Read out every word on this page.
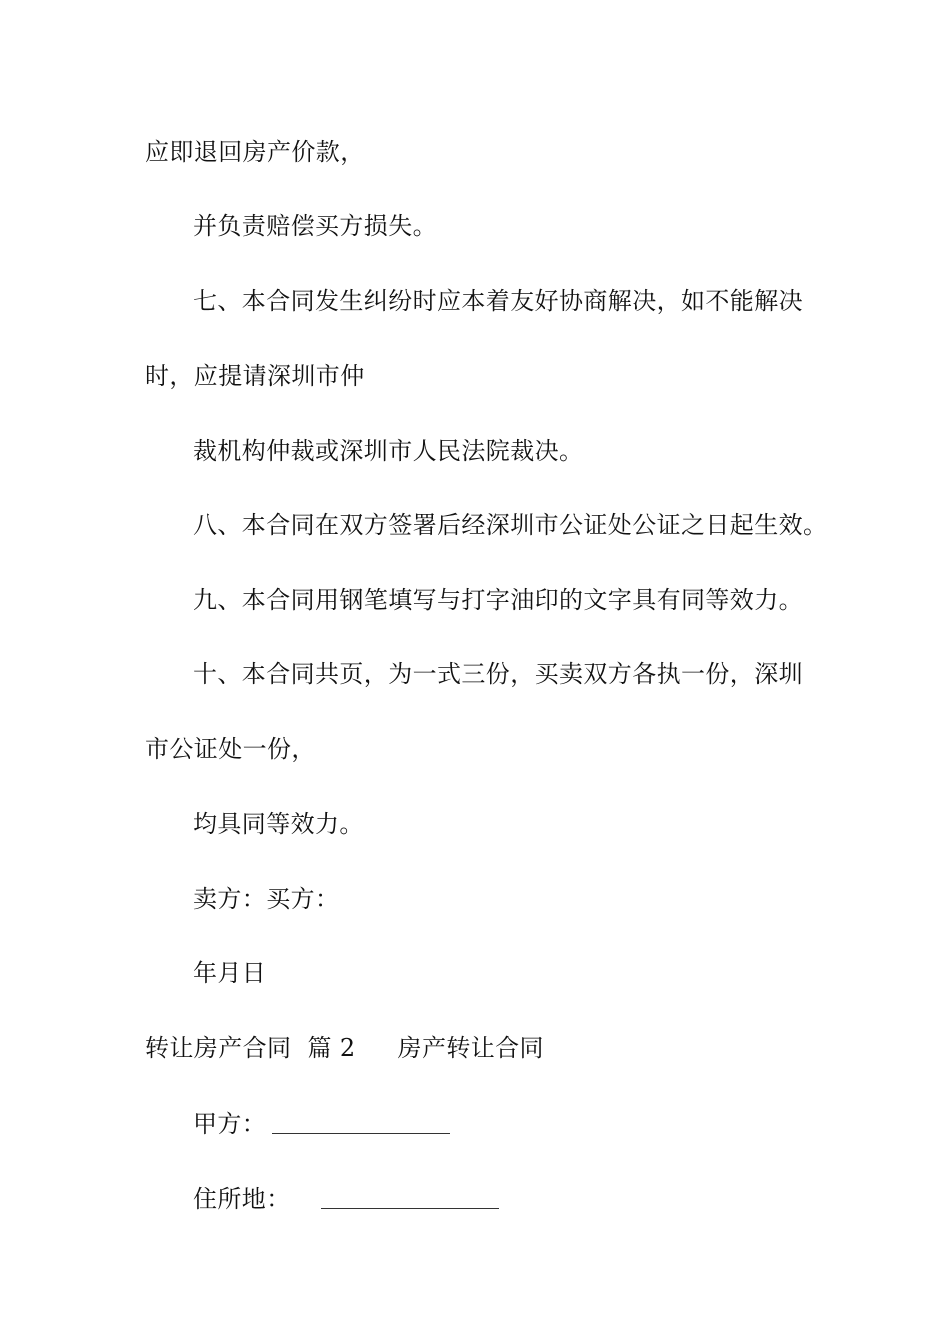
应即退回房产价款，
并负责赔偿买方损失。
七、本合同发生纠纷时应本着友好协商解决，如不能解决
时，应提请深圳市仲
裁机构仲裁或深圳市人民法院裁决。
八、本合同在双方签署后经深圳市公证处公证之日起生效。
九、本合同用钢笔填写与打字油印的文字具有同等效力。
十、本合同共页，为一式三份，买卖双方各执一份，深圳
市公证处一份，
均具同等效力。
卖方：买方：
年月日
转让房产合同 篇 2 房产转让合同
甲方：
住所地：
